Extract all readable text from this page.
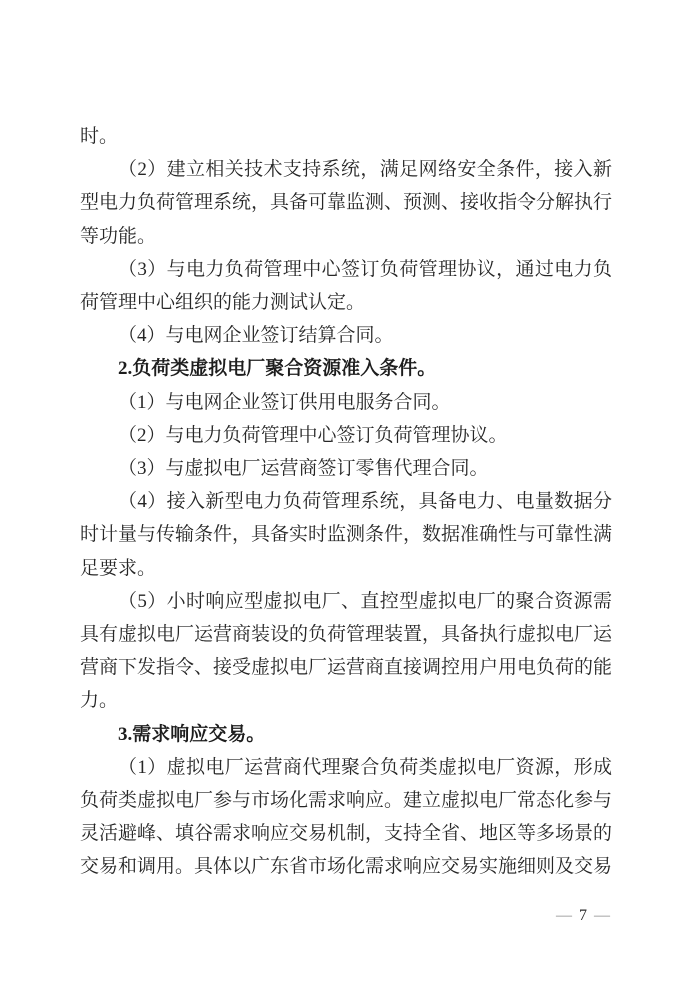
时。

（2）建立相关技术支持系统，满足网络安全条件，接入新型电力负荷管理系统，具备可靠监测、预测、接收指令分解执行等功能。

（3）与电力负荷管理中心签订负荷管理协议，通过电力负荷管理中心组织的能力测试认定。

（4）与电网企业签订结算合同。

2.负荷类虚拟电厂聚合资源准入条件。

（1）与电网企业签订供用电服务合同。

（2）与电力负荷管理中心签订负荷管理协议。

（3）与虚拟电厂运营商签订零售代理合同。

（4）接入新型电力负荷管理系统，具备电力、电量数据分时计量与传输条件，具备实时监测条件，数据准确性与可靠性满足要求。

（5）小时响应型虚拟电厂、直控型虚拟电厂的聚合资源需具有虚拟电厂运营商装设的负荷管理装置，具备执行虚拟电厂运营商下发指令、接受虚拟电厂运营商直接调控用户用电负荷的能力。

3.需求响应交易。

（1）虚拟电厂运营商代理聚合负荷类虚拟电厂资源，形成负荷类虚拟电厂参与市场化需求响应。建立虚拟电厂常态化参与灵活避峰、填谷需求响应交易机制，支持全省、地区等多场景的交易和调用。具体以广东省市场化需求响应交易实施细则及交易

— 7 —
